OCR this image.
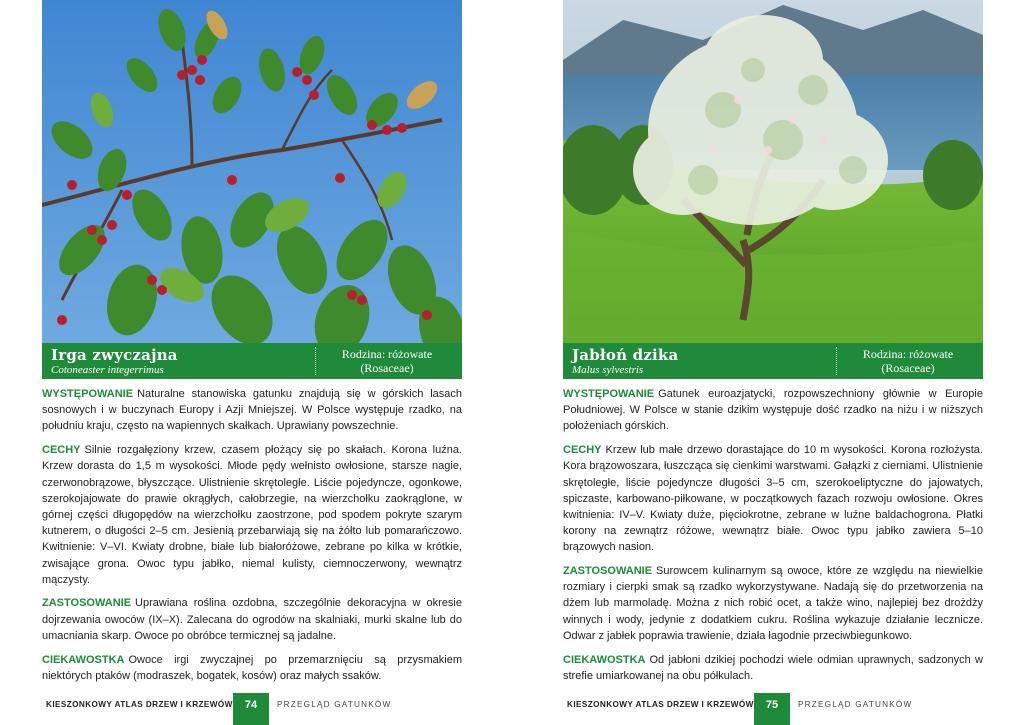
Irga zwyczajna
Cotoneaster integerrimus
Rodzina: różowate
(Rosaceae)

WYSTĘPOWANIE Naturalne stanowiska gatunku znajdują się w górskich lasach sosnowych i w buczynach Europy i Azji Mniejszej. W Polsce występuje rzadko, na południu kraju, często na wapiennych skałkach. Uprawiany powszechnie.

CECHY Silnie rozgałęziony krzew, czasem płożący się po skałach. Korona luźna. Krzew dorasta do 1,5 m wysokości. Młode pędy wełnisto owłosione, starsze nagie, czerwonobrązowe, błyszczące. Ulistnienie skrętoległe. Liście pojedyncze, ogonkowe, szerokojajowate do prawie okrągłych, całobrzegie, na wierzchołku zaokrąglone, w górnej części długopędów na wierzchołku zaostrzone, pod spodem pokryte szarym kutnerem, o długości 2–5 cm. Jesienią przebarwiają się na żółto lub pomarańczowo. Kwitnienie: V–VI. Kwiaty drobne, białe lub białoróżowe, zebrane po kilka w krótkie, zwisające grona. Owoc typu jabłko, niemal kulisty, ciemnoczerwony, wewnątrz mączysty.

ZASTOSOWANIE Uprawiana roślina ozdobna, szczególnie dekoracyjna w okresie dojrzewania owoców (IX–X). Zalecana do ogrodów na skalniaki, murki skalne lub do umacniania skarp. Owoce po obróbce termicznej są jadalne.

CIEKAWOSTKA Owoce irgi zwyczajnej po przemarznięciu są przysmakiem niektórych ptaków (modraszek, bogatek, kosów) oraz małych ssaków.

KIESZONKOWY ATLAS DRZEW I KRZEWÓW	74	PRZEGLĄD GATUNKÓW
Jabłoń dzika
Malus sylvestris
Rodzina: różowate
(Rosaceae)

WYSTĘPOWANIE Gatunek euroazjatycki, rozpowszechniony głównie w Europie Południowej. W Polsce w stanie dzikim występuje dość rzadko na niżu i w niższych położeniach górskich.

CECHY Krzew lub małe drzewo dorastające do 10 m wysokości. Korona rozłożysta. Kora brązowoszara, łuszcząca się cienkimi warstwami. Gałązki z cierniami. Ulistnienie skrętoległe, liście pojedyncze długości 3–5 cm, szerokoeliptyczne do jajowatych, spiczaste, karbowano-piłkowane, w początkowych fazach rozwoju owłosione. Okres kwitnienia: IV–V. Kwiaty duże, pięciokrotne, zebrane w luźne baldachogrona. Płatki korony na zewnątrz różowe, wewnątrz białe. Owoc typu jabłko zawiera 5–10 brązowych nasion.

ZASTOSOWANIE Surowcem kulinarnym są owoce, które ze względu na niewielkie rozmiary i cierpki smak są rzadko wykorzystywane. Nadają się do przetworzenia na dżem lub marmoladę. Można z nich robić ocet, a także wino, najlepiej bez drożdży winnych i wody, jedynie z dodatkiem cukru. Roślina wykazuje działanie lecznicze. Odwar z jabłek poprawia trawienie, działa łagodnie przeciwbiegunkowo.

CIEKAWOSTKA Od jabłoni dzikiej pochodzi wiele odmian uprawnych, sadzonych w strefie umiarkowanej na obu półkulach.

KIESZONKOWY ATLAS DRZEW I KRZEWÓW	75	PRZEGLĄD GATUNKÓW
